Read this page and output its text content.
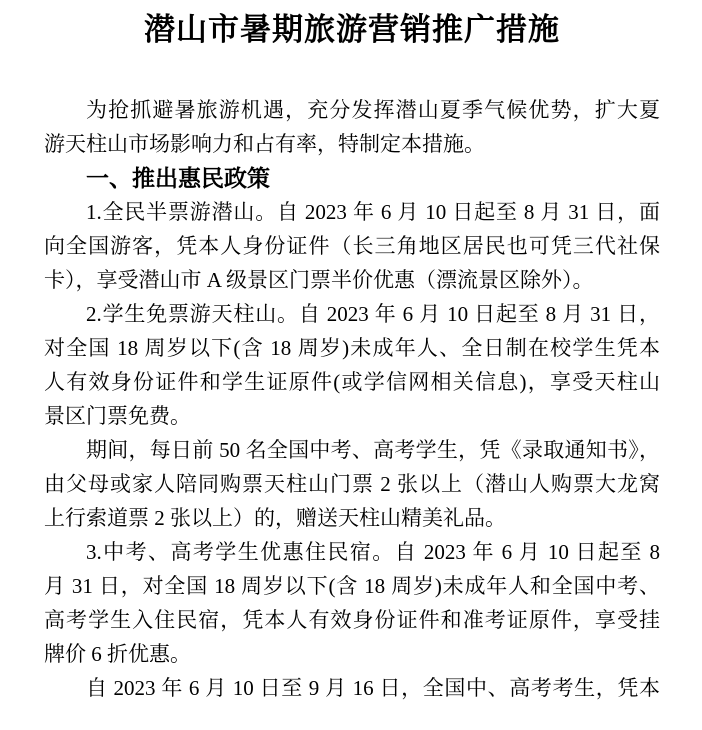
潜山市暑期旅游营销推广措施
为抢抓避暑旅游机遇，充分发挥潜山夏季气候优势，扩大夏
游天柱山市场影响力和占有率，特制定本措施。
一、推出惠民政策
1.全民半票游潜山。自 2023 年 6 月 10 日起至 8 月 31 日，面
向全国游客，凭本人身份证件（长三角地区居民也可凭三代社保
卡），享受潜山市 A 级景区门票半价优惠（漂流景区除外）。
2.学生免票游天柱山。自 2023 年 6 月 10 日起至 8 月 31 日，
对全国 18 周岁以下(含 18 周岁)未成年人、全日制在校学生凭本
人有效身份证件和学生证原件(或学信网相关信息)，享受天柱山
景区门票免费。
期间，每日前 50 名全国中考、高考学生，凭《录取通知书》，
由父母或家人陪同购票天柱山门票 2 张以上（潜山人购票大龙窝
上行索道票 2 张以上）的，赠送天柱山精美礼品。
3.中考、高考学生优惠住民宿。自 2023 年 6 月 10 日起至 8
月 31 日，对全国 18 周岁以下(含 18 周岁)未成年人和全国中考、
高考学生入住民宿，凭本人有效身份证件和准考证原件，享受挂
牌价 6 折优惠。
自 2023 年 6 月 10 日至 9 月 16 日，全国中、高考考生，凭本
